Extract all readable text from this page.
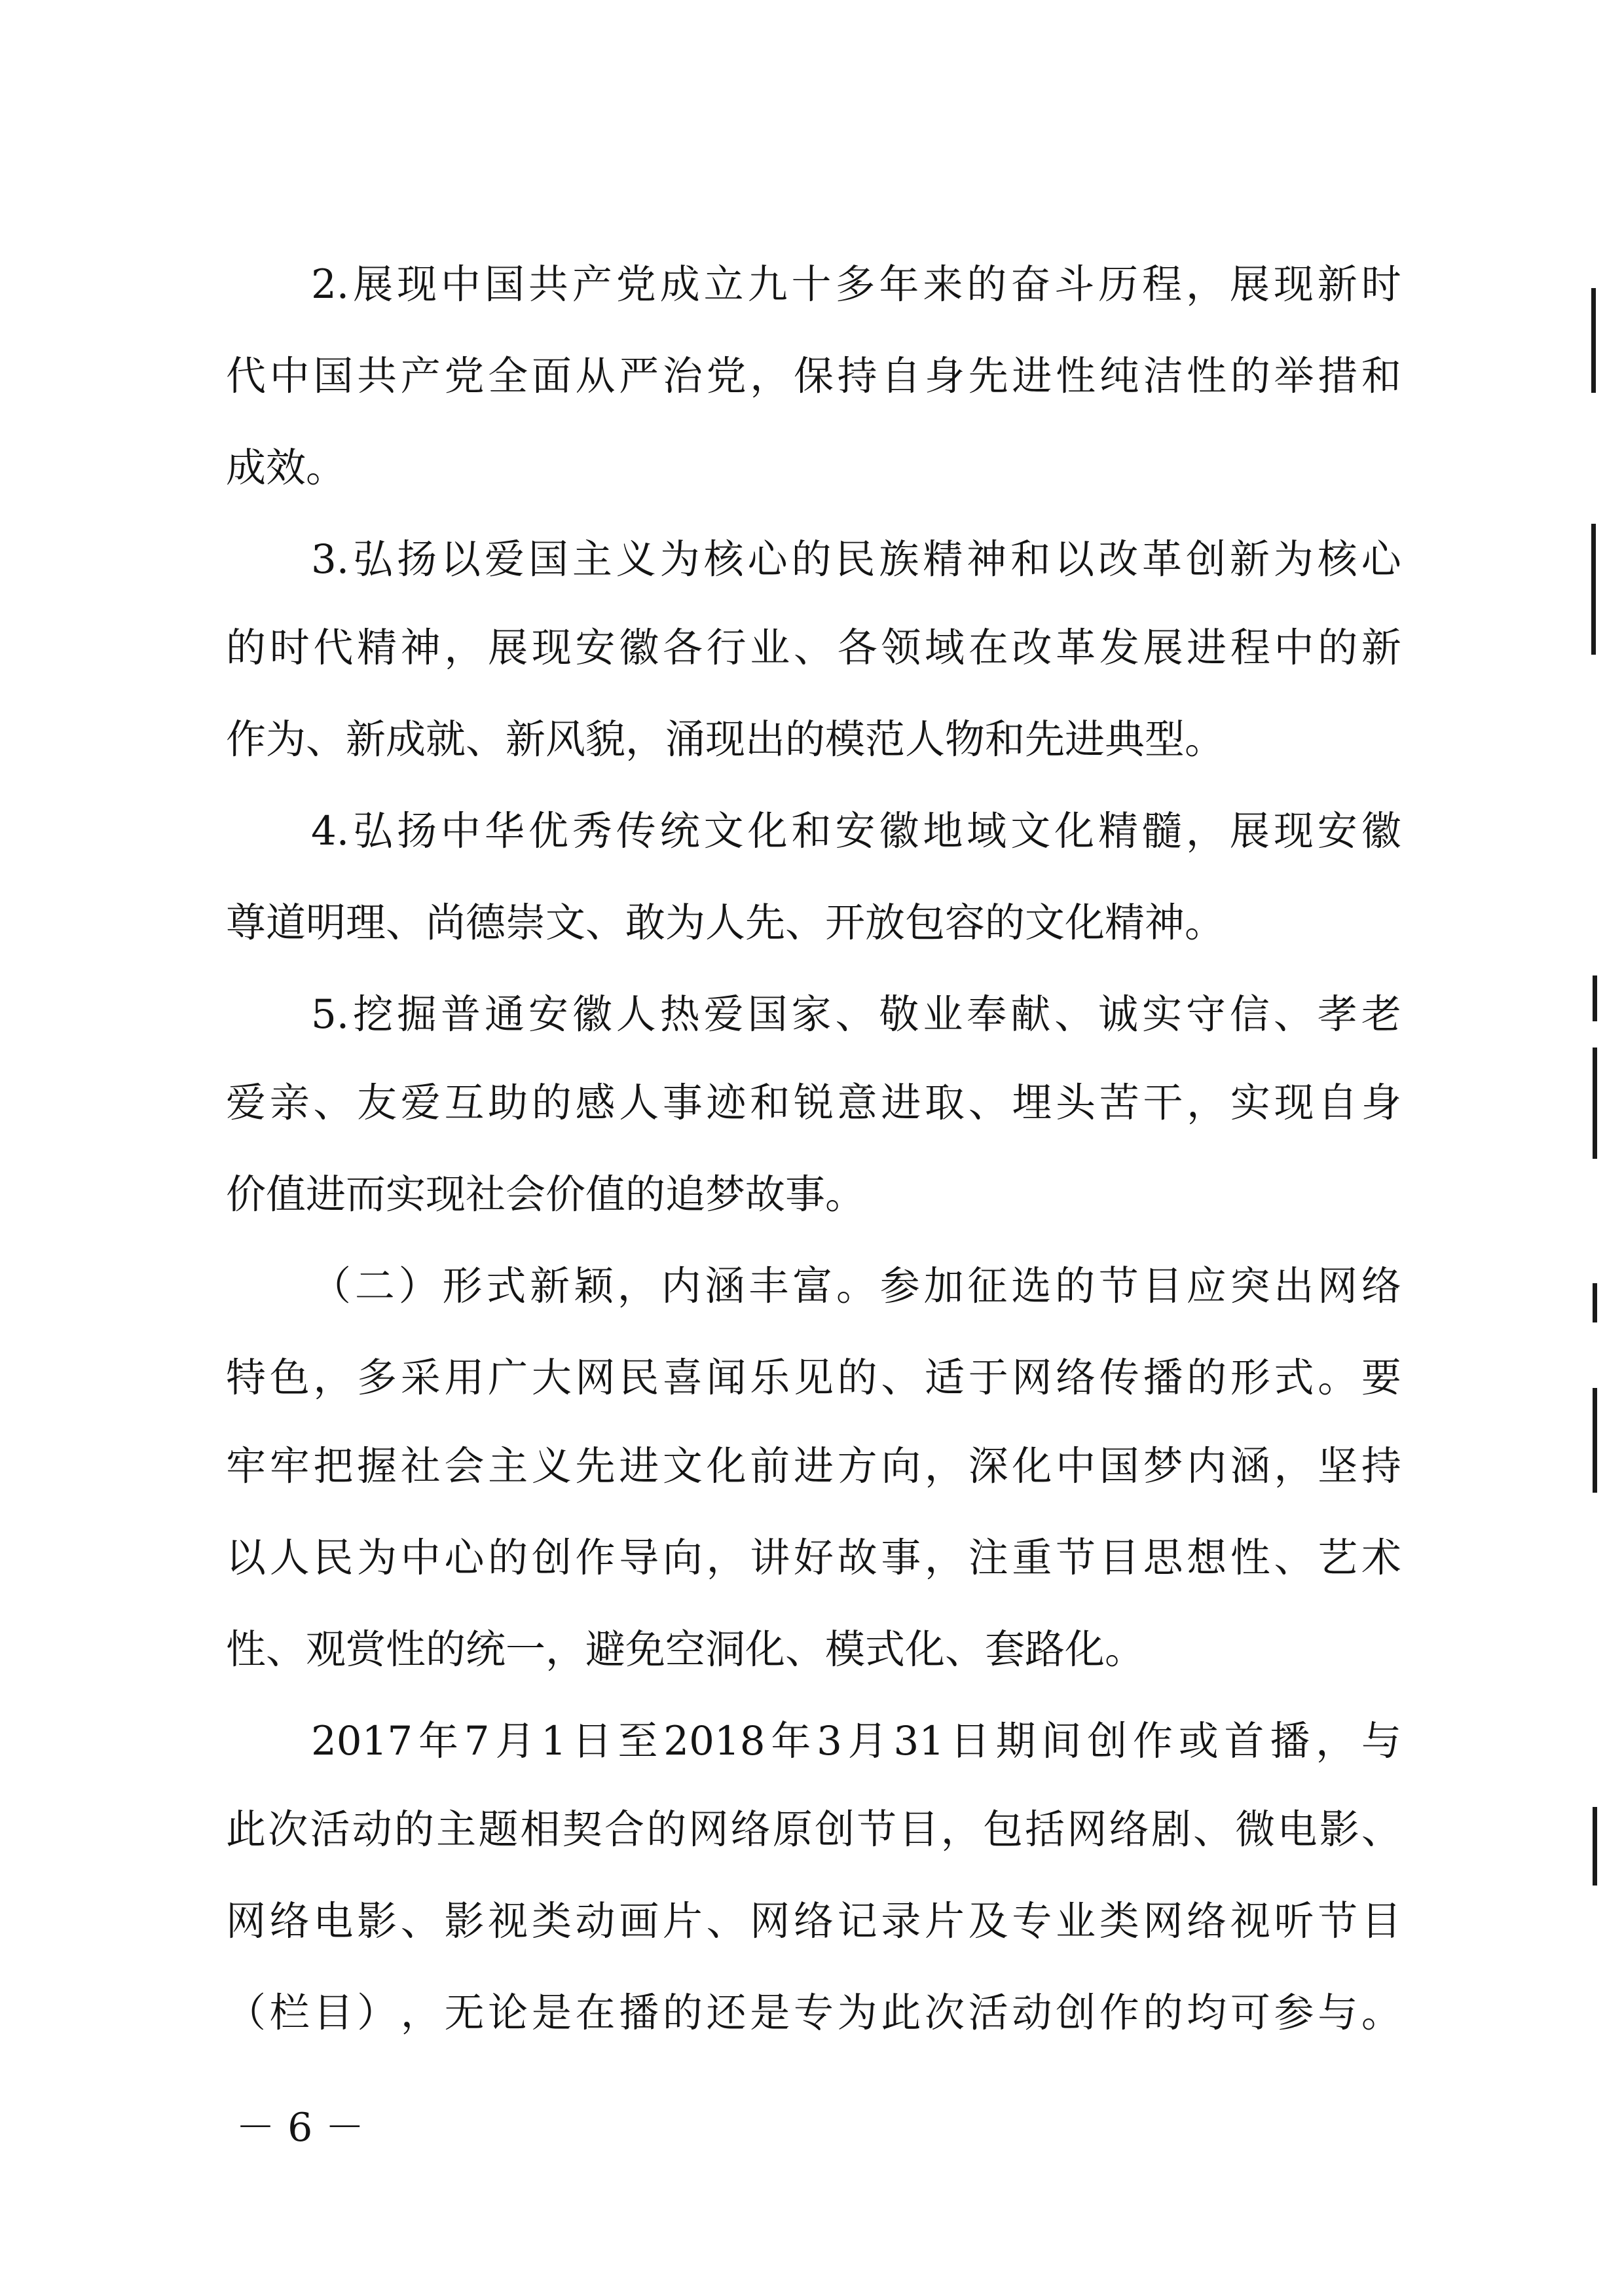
2. 展 现 中 国 共 产 党 成 立 九 十 多 年 来 的 奋 斗 历 程 ， 展 现 新 时
代 中 国 共 产 党 全 面 从 严 治 党 ， 保 持 自 身 先 进 性 纯 洁 性 的 举 措 和
成效。
3. 弘 扬 以 爱 国 主 义 为 核 心 的 民 族 精 神 和 以 改 革 创 新 为 核 心
的 时 代 精 神 ， 展 现 安 徽 各 行 业 、 各 领 域 在 改 革 发 展 进 程 中 的 新
作为、新成就、新风貌，涌现出的模范人物和先进典型。
4. 弘 扬 中 华 优 秀 传 统 文 化 和 安 徽 地 域 文 化 精 髓 ， 展 现 安 徽
尊道明理、尚德崇文、敢为人先、开放包容的文化精神。
5. 挖 掘 普 通 安 徽 人 热 爱 国 家 、 敬 业 奉 献 、 诚 实 守 信 、 孝 老
爱 亲 、 友 爱 互 助 的 感 人 事 迹 和 锐 意 进 取 、 埋 头 苦 干 ， 实 现 自 身
价值进而实现社会价值的追梦故事。
（ 二 ） 形 式 新 颖 ， 内 涵 丰 富 。 参 加 征 选 的 节 目 应 突 出 网 络
特 色 ， 多 采 用 广 大 网 民 喜 闻 乐 见 的 、 适 于 网 络 传 播 的 形 式 。 要
牢 牢 把 握 社 会 主 义 先 进 文 化 前 进 方 向 ， 深 化 中 国 梦 内 涵 ， 坚 持
以 人 民 为 中 心 的 创 作 导 向 ， 讲 好 故 事 ， 注 重 节 目 思 想 性 、 艺 术
性、观赏性的统一，避免空洞化、模式化、套路化。
2017 年 7 月 1 日 至 2018 年 3 月 31 日 期 间 创 作 或 首 播 ， 与
此 次 活 动 的 主 题 相 契 合 的 网 络 原 创 节 目 ， 包 括 网 络 剧 、 微 电 影 、
网 络 电 影 、 影 视 类 动 画 片 、 网 络 记 录 片 及 专 业 类 网 络 视 听 节 目
（ 栏 目 ） ， 无 论 是 在 播 的 还 是 专 为 此 次 活 动 创 作 的 均 可 参 与 。
－ 6 －
